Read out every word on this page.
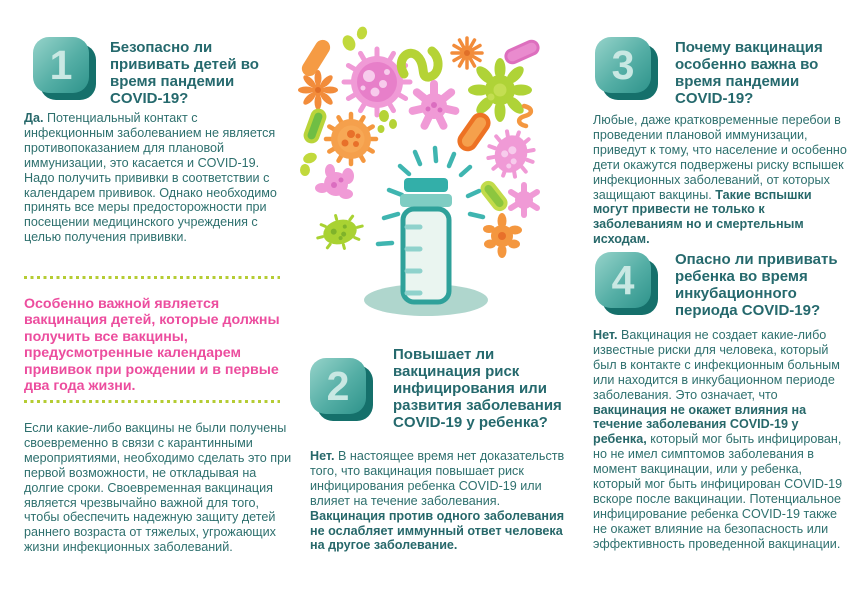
1	Безопасно ли прививать детей во время пандемии COVID-19?

Да. Потенциальный контакт с инфекционным заболеванием не является противопоказанием для плановой иммунизации, это касается и COVID-19. Надо получить прививки в соответствии с календарем прививок. Однако необходимо принять все меры предосторожности при посещении медицинского учреждения с целью получения прививки.

Особенно важной является вакцинация детей, которые должны получить все вакцины, предусмотренные календарем прививок при рождении и в первые два года жизни.

Если какие-либо вакцины не были получены своевременно в связи с карантинными мероприятиями, необходимо сделать это при первой возможности, не откладывая на долгие сроки. Своевременная вакцинация является чрезвычайно важной для того, чтобы обеспечить надежную защиту детей раннего возраста от тяжелых, угрожающих жизни инфекционных заболеваний.

2
Повышает ли вакцинация риск инфицирования или развития заболевания COVID-19 у ребенка?

Нет. В настоящее время нет доказательств того, что вакцинация повышает риск инфицирования ребенка COVID-19 или влияет на течение заболевания. Вакцинация против одного заболевания не ослабляет иммунный ответ человека на другое заболевание.

3	Почему вакцинация особенно важна во время пандемии COVID-19?

Любые, даже кратковременные перебои в проведении плановой иммунизации, приведут к тому, что население и особенно дети окажутся подвержены риску вспышек инфекционных заболеваний, от которых защищают вакцины. Такие вспышки могут привести не только к заболеваниям но и смертельным исходам.

4	Опасно ли прививать ребенка во время инкубационного периода COVID-19?

Нет. Вакцинация не создает какие-либо известные риски для человека, который был в контакте с инфекционным больным или находится в инкубационном периоде заболевания. Это означает, что вакцинация не окажет влияния на течение заболевания COVID-19 у ребенка, который мог быть инфицирован, но не имел симптомов заболевания в момент вакцинации, или у ребенка, который мог быть инфицирован COVID-19 вскоре после вакцинации. Потенциальное инфицирование ребенка COVID-19 также не окажет влияние на безопасность или эффективность проведенной вакцинации.
